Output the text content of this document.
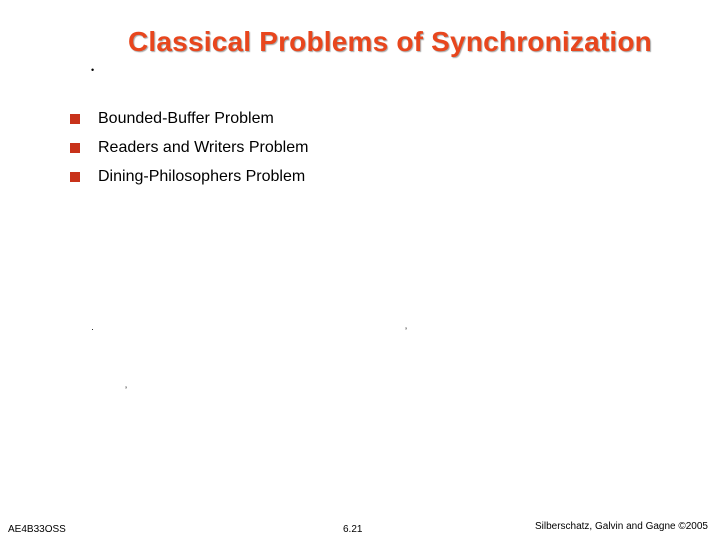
Classical Problems of Synchronization
•
Bounded-Buffer Problem
Readers and Writers Problem
Dining-Philosophers Problem
·	’
’
AE4B33OSS	6.21	Silberschatz, Galvin and Gagne ©2005
